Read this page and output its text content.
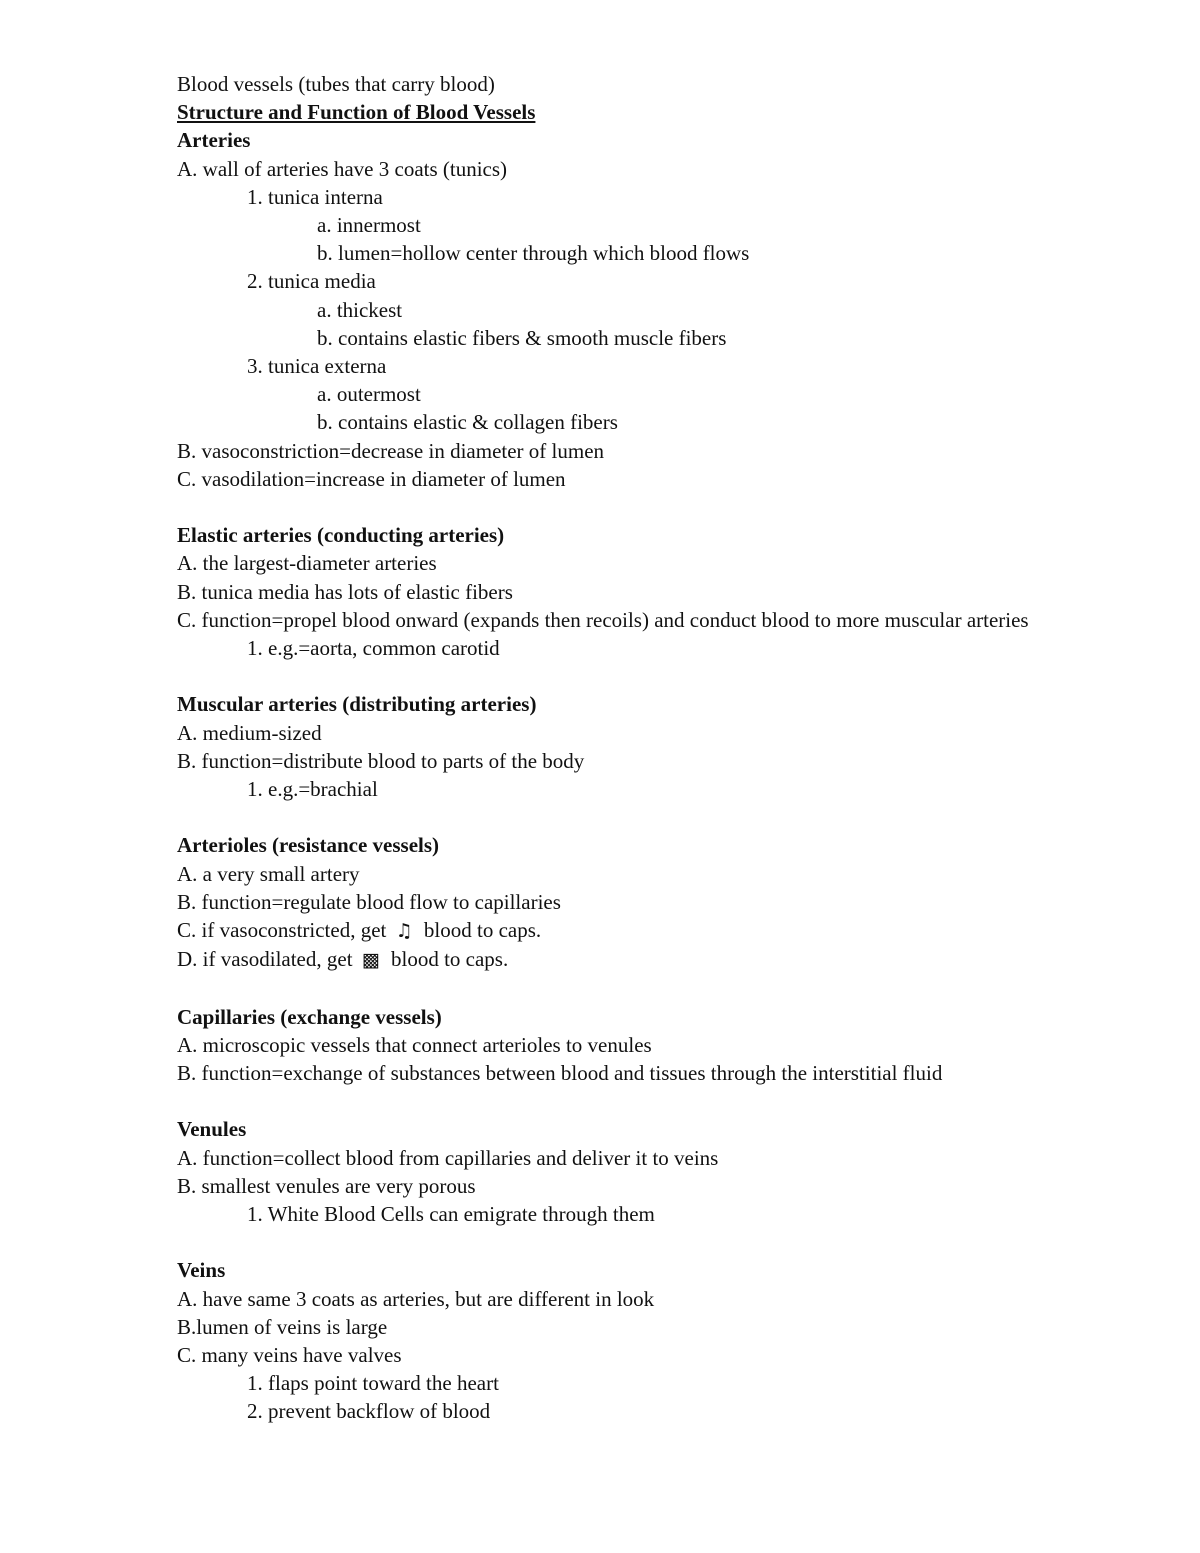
Blood vessels (tubes that carry blood)
Structure and Function of Blood Vessels
Arteries
A. wall of arteries have 3 coats (tunics)
1. tunica interna
a. innermost
b. lumen=hollow center through which blood flows
2. tunica media
a. thickest
b. contains elastic fibers & smooth muscle fibers
3. tunica externa
a. outermost
b. contains elastic & collagen fibers
B. vasoconstriction=decrease in diameter of lumen
C. vasodilation=increase in diameter of lumen
Elastic arteries (conducting arteries)
A. the largest-diameter arteries
B. tunica media has lots of elastic fibers
C. function=propel blood onward (expands then recoils) and conduct blood to more muscular arteries
1. e.g.=aorta, common carotid
Muscular arteries (distributing arteries)
A. medium-sized
B. function=distribute blood to parts of the body
1. e.g.=brachial
Arterioles (resistance vessels)
A. a very small artery
B. function=regulate blood flow to capillaries
C. if vasoconstricted, get ♫ blood to caps.
D. if vasodilated, get ▩ blood to caps.
Capillaries (exchange vessels)
A. microscopic vessels that connect arterioles to venules
B. function=exchange of substances between blood and tissues through the interstitial fluid
Venules
A. function=collect blood from capillaries and deliver it to veins
B. smallest venules are very porous
1. White Blood Cells can emigrate through them
Veins
A. have same 3 coats as arteries, but are different in look
B.lumen of veins is large
C. many veins have valves
1. flaps point toward the heart
2. prevent backflow of blood
